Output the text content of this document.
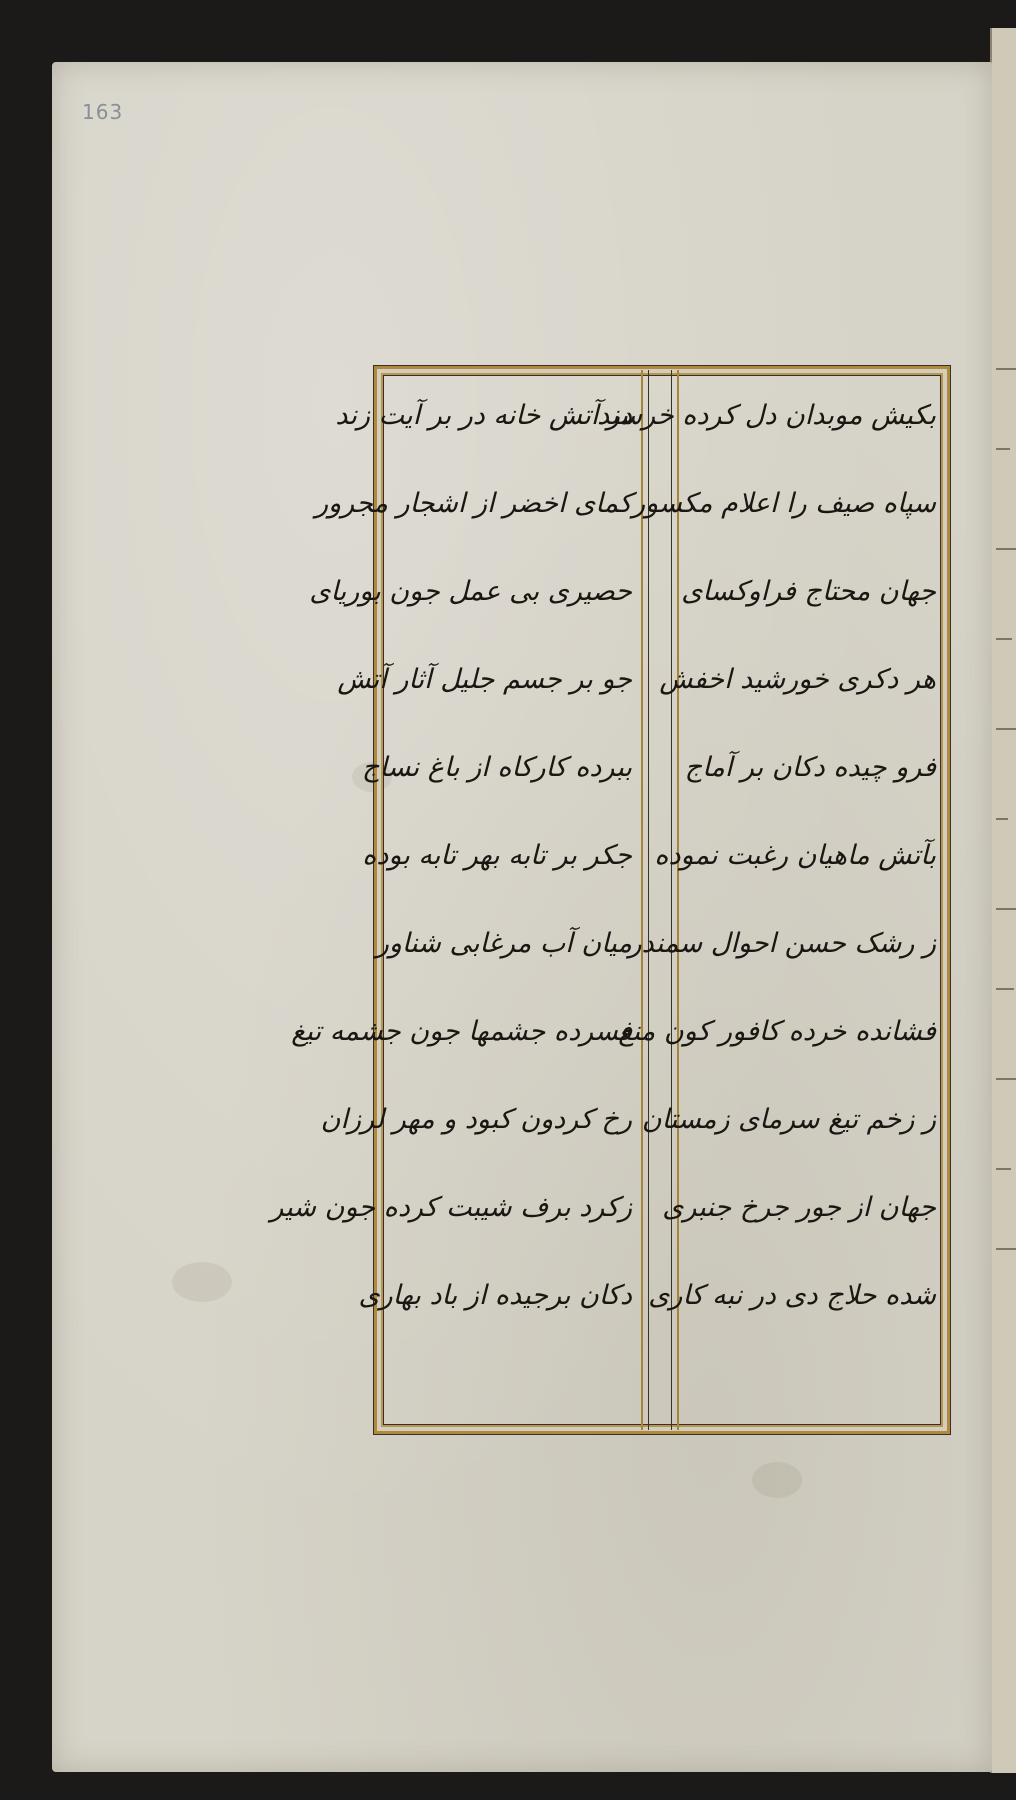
163
بکیش موبدان دل کرده خرسند
سپاه صیف را اعلام مکسور
جهان محتاج فراوکسای
هر دکری خورشید اخفش
فرو چیده دکان بر آماج
بآتش ماهیان رغبت نموده
ز رشک حسن احوال سمندر
فشانده خرده کافور کون منع
ز زخم تیغ سرمای زمستان
جهان از جور جرخ جنبری
شده حلاج دی در نبه کاری
در آتش خانه در بر آیت زند
کمای اخضر از اشجار مجرور
حصیری بی عمل جون بوریای
جو بر جسم جلیل آثار آتش
ببرده کارکاه از باغ نساج
جکر بر تابه بهر تابه بوده
میان آب مرغابی شناور
فسرده جشمها جون جشمه تیغ
رخ کردون کبود و مهر لرزان
زکرد برف شیبت کرده جون شیر
دکان برجیده از باد بهاری
